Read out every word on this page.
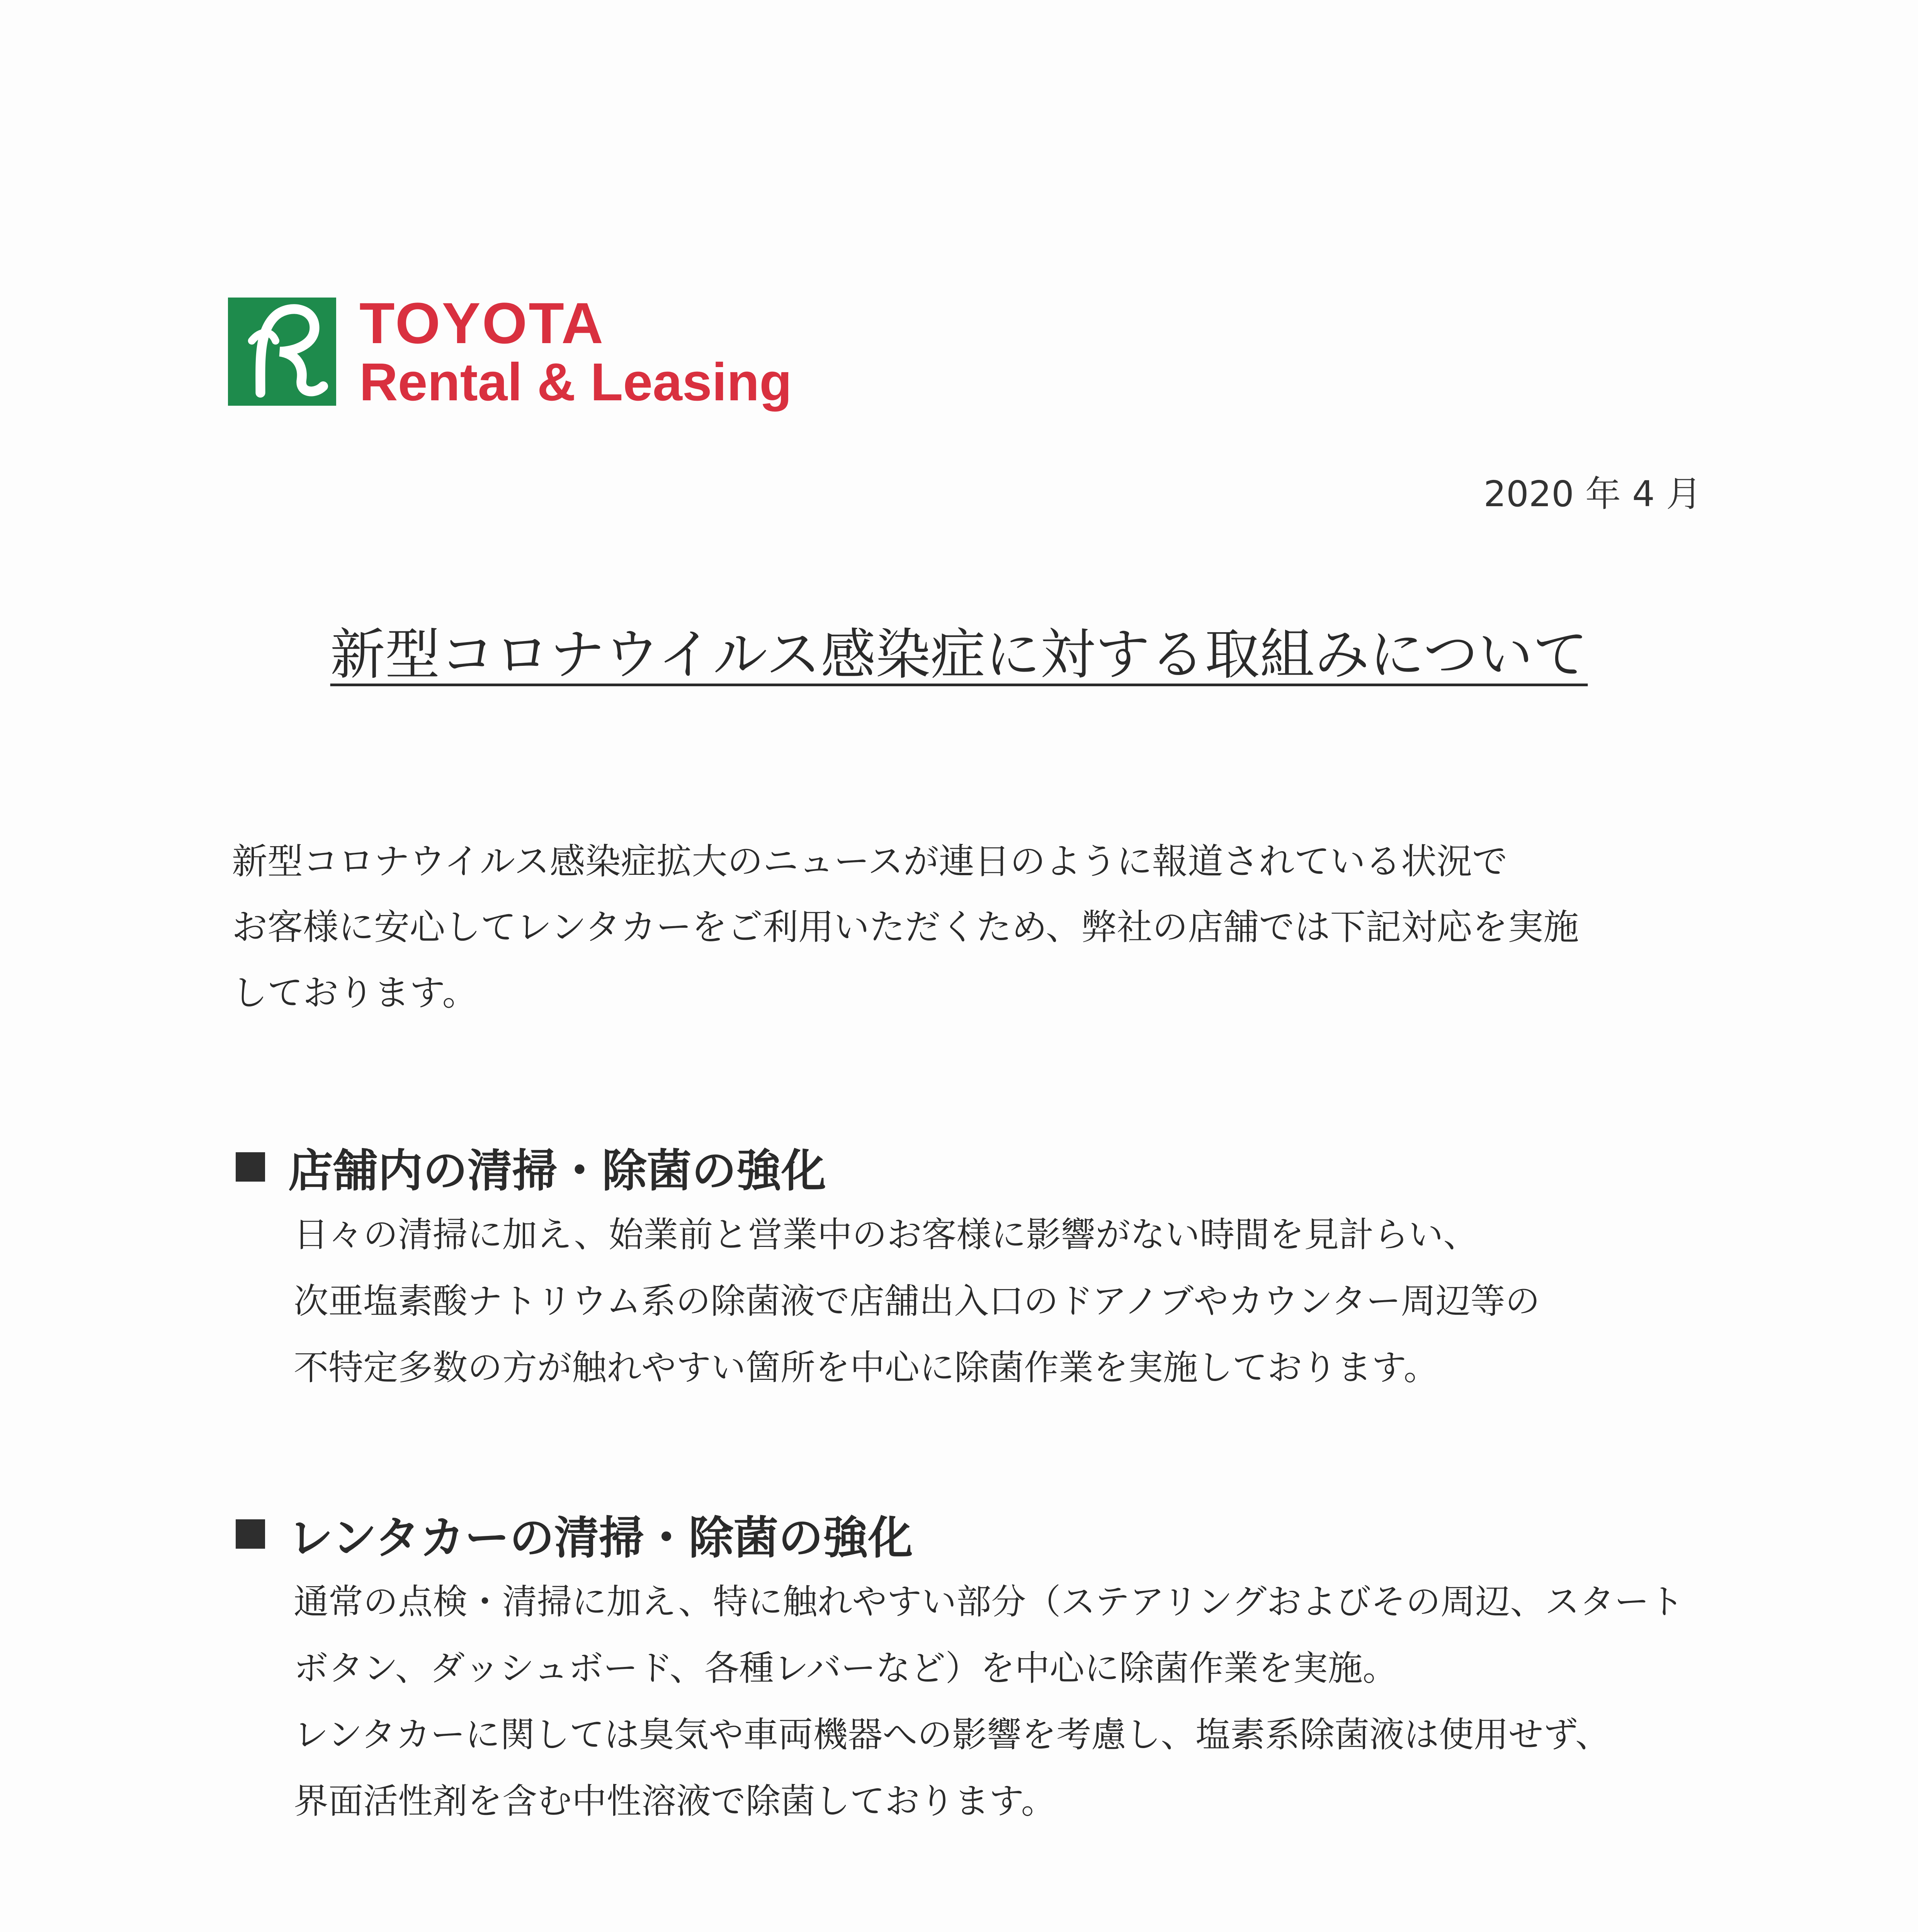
TOYOTA
Rental & Leasing
2020 年 4 月
新型コロナウイルス感染症に対する取組みについて
新型コロナウイルス感染症拡大のニュースが連日のように報道されている状況で
お客様に安心してレンタカーをご利用いただくため、弊社の店舗では下記対応を実施
しております。
店舗内の清掃・除菌の強化
日々の清掃に加え、始業前と営業中のお客様に影響がない時間を見計らい、
次亜塩素酸ナトリウム系の除菌液で店舗出入口のドアノブやカウンター周辺等の
不特定多数の方が触れやすい箇所を中心に除菌作業を実施しております。
レンタカーの清掃・除菌の強化
通常の点検・清掃に加え、特に触れやすい部分（ステアリングおよびその周辺、スタート
ボタン、ダッシュボード、各種レバーなど）を中心に除菌作業を実施。
レンタカーに関しては臭気や車両機器への影響を考慮し、塩素系除菌液は使用せず、
界面活性剤を含む中性溶液で除菌しております。
